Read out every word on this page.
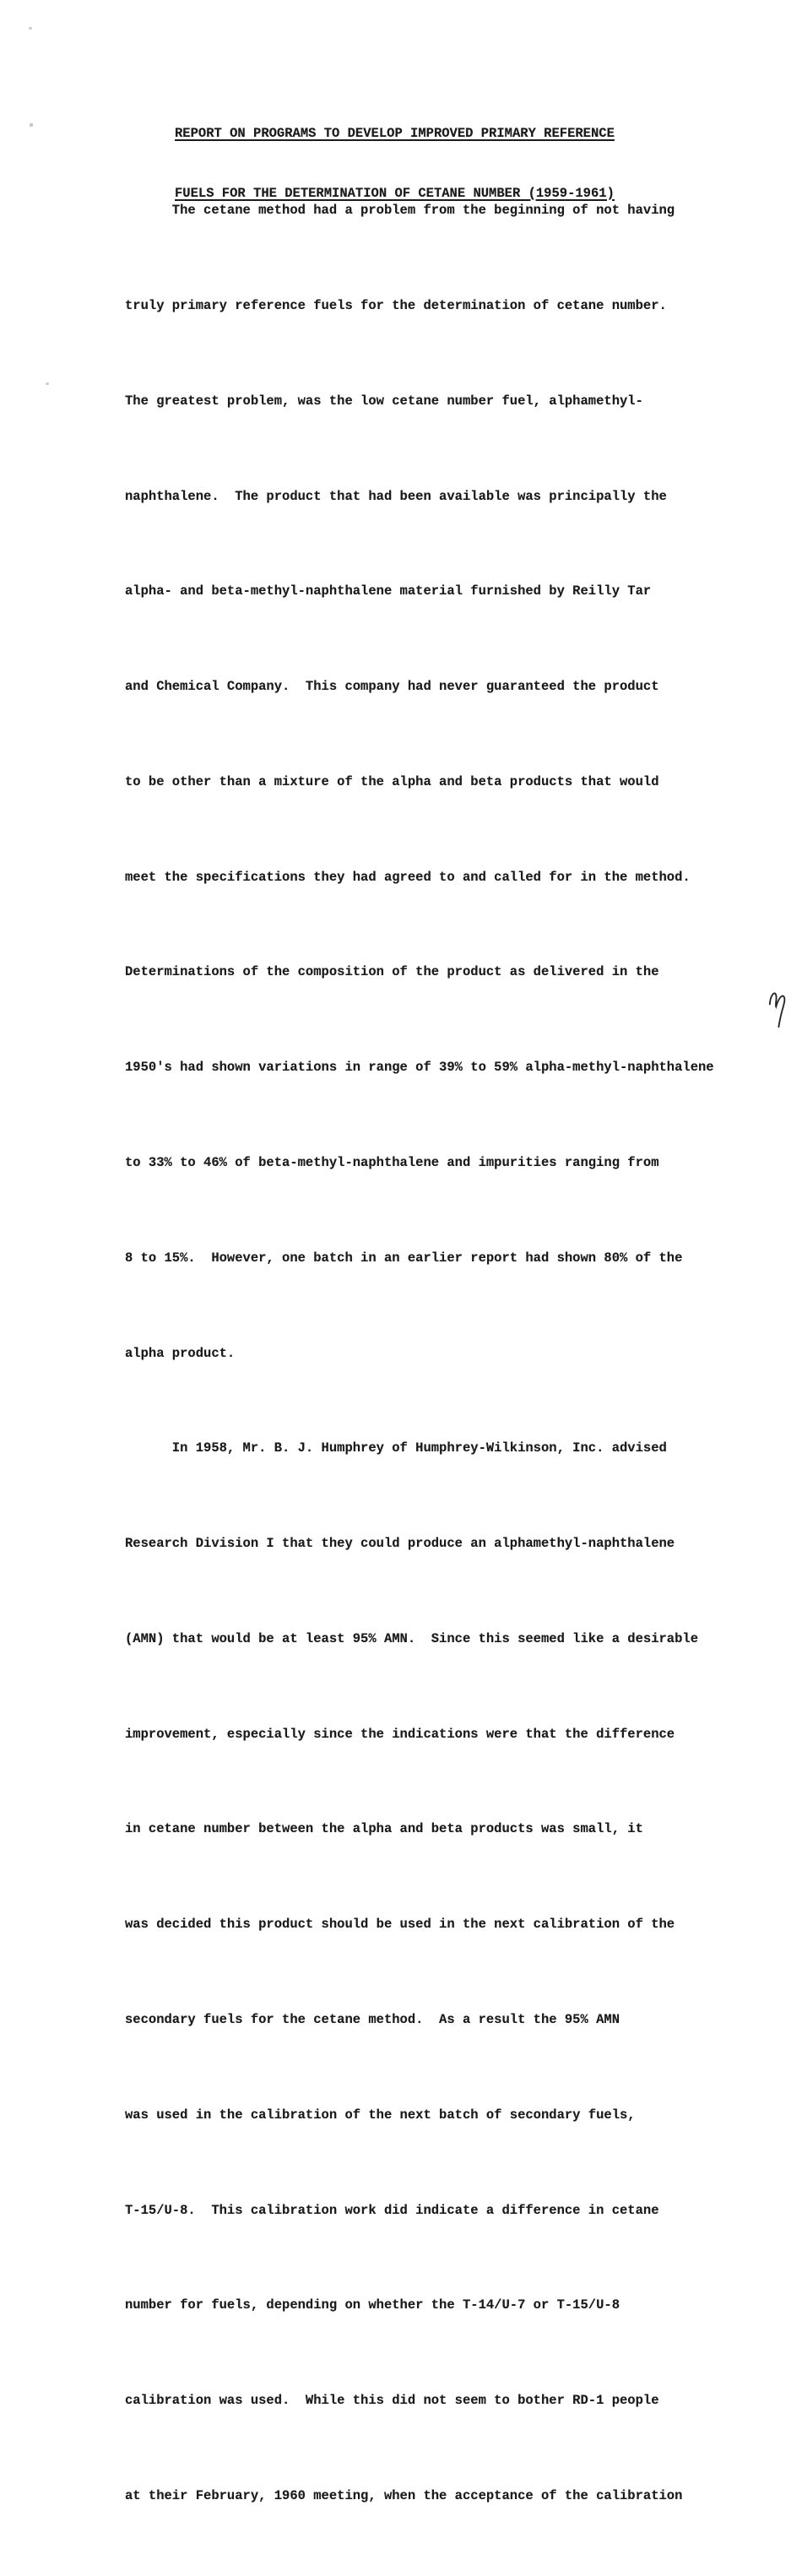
REPORT ON PROGRAMS TO DEVELOP IMPROVED PRIMARY REFERENCE

FUELS FOR THE DETERMINATION OF CETANE NUMBER (1959-1961)

The cetane method had a problem from the beginning of not having

truly primary reference fuels for the determination of cetane number.

The greatest problem, was the low cetane number fuel, alphamethyl-

naphthalene.  The product that had been available was principally the

alpha- and beta-methyl-naphthalene material furnished by Reilly Tar

and Chemical Company.  This company had never guaranteed the product

to be other than a mixture of the alpha and beta products that would

meet the specifications they had agreed to and called for in the method.

Determinations of the composition of the product as delivered in the

1950's had shown variations in range of 39% to 59% alpha-methyl-naphthalene

to 33% to 46% of beta-methyl-naphthalene and impurities ranging from

8 to 15%.  However, one batch in an earlier report had shown 80% of the

alpha product.

In 1958, Mr. B. J. Humphrey of Humphrey-Wilkinson, Inc. advised

Research Division I that they could produce an alphamethyl-naphthalene

(AMN) that would be at least 95% AMN.  Since this seemed like a desirable

improvement, especially since the indications were that the difference

in cetane number between the alpha and beta products was small, it

was decided this product should be used in the next calibration of the

secondary fuels for the cetane method.  As a result the 95% AMN

was used in the calibration of the next batch of secondary fuels,

T-15/U-8.  This calibration work did indicate a difference in cetane

number for fuels, depending on whether the T-14/U-7 or T-15/U-8

calibration was used.  While this did not seem to bother RD-1 people

at their February, 1960 meeting, when the acceptance of the calibration
